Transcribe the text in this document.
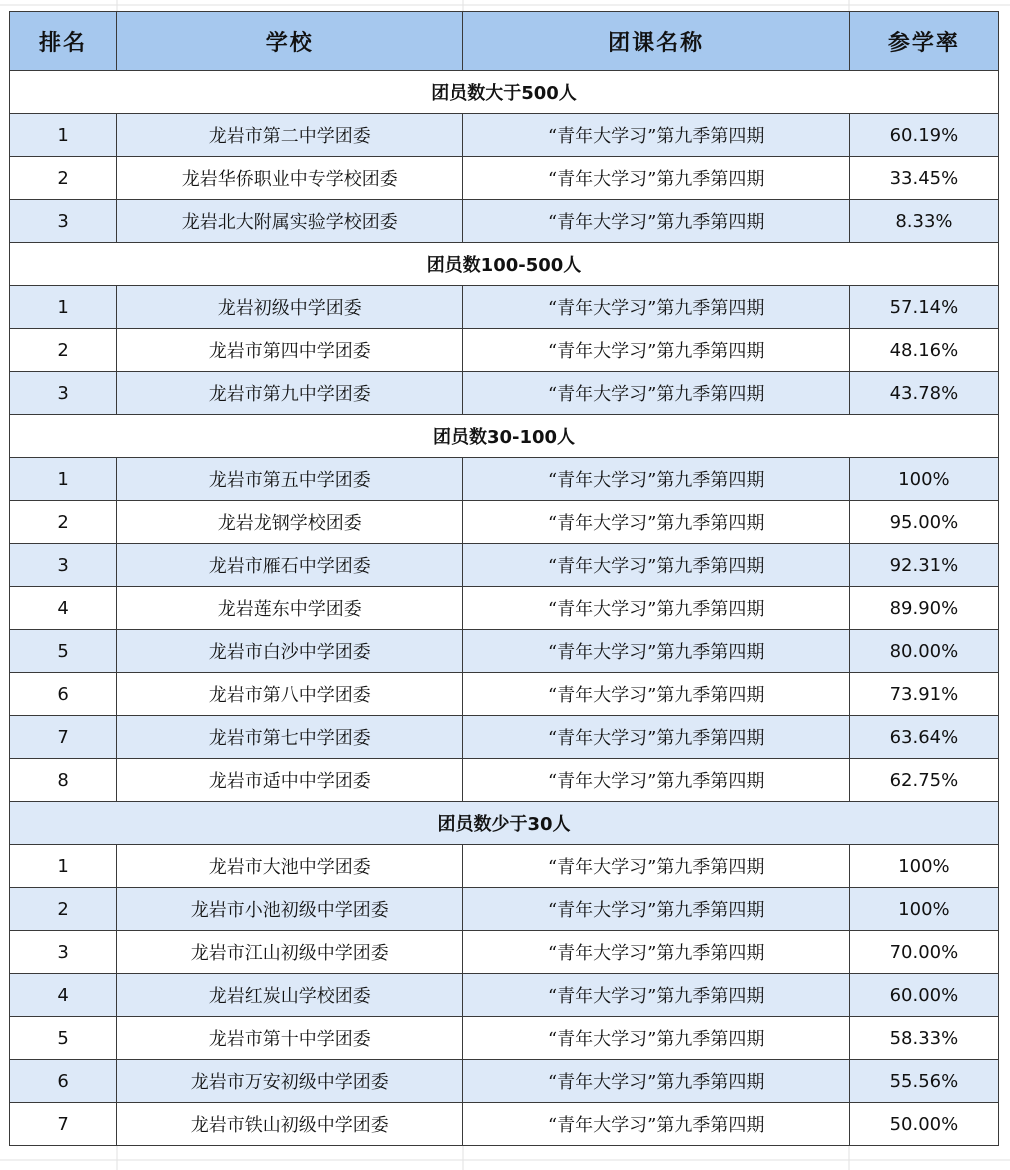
排名	学校	团课名称	参学率
团员数大于500人			
1	龙岩市第二中学团委	“青年大学习”第九季第四期	60.19%
2	龙岩华侨职业中专学校团委	“青年大学习”第九季第四期	33.45%
3	龙岩北大附属实验学校团委	“青年大学习”第九季第四期	8.33%
团员数100-500人			
1	龙岩初级中学团委	“青年大学习”第九季第四期	57.14%
2	龙岩市第四中学团委	“青年大学习”第九季第四期	48.16%
3	龙岩市第九中学团委	“青年大学习”第九季第四期	43.78%
团员数30-100人			
1	龙岩市第五中学团委	“青年大学习”第九季第四期	100%
2	龙岩龙钢学校团委	“青年大学习”第九季第四期	95.00%
3	龙岩市雁石中学团委	“青年大学习”第九季第四期	92.31%
4	龙岩莲东中学团委	“青年大学习”第九季第四期	89.90%
5	龙岩市白沙中学团委	“青年大学习”第九季第四期	80.00%
6	龙岩市第八中学团委	“青年大学习”第九季第四期	73.91%
7	龙岩市第七中学团委	“青年大学习”第九季第四期	63.64%
8	龙岩市适中中学团委	“青年大学习”第九季第四期	62.75%
团员数少于30人			
1	龙岩市大池中学团委	“青年大学习”第九季第四期	100%
2	龙岩市小池初级中学团委	“青年大学习”第九季第四期	100%
3	龙岩市江山初级中学团委	“青年大学习”第九季第四期	70.00%
4	龙岩红炭山学校团委	“青年大学习”第九季第四期	60.00%
5	龙岩市第十中学团委	“青年大学习”第九季第四期	58.33%
6	龙岩市万安初级中学团委	“青年大学习”第九季第四期	55.56%
7	龙岩市铁山初级中学团委	“青年大学习”第九季第四期	50.00%
